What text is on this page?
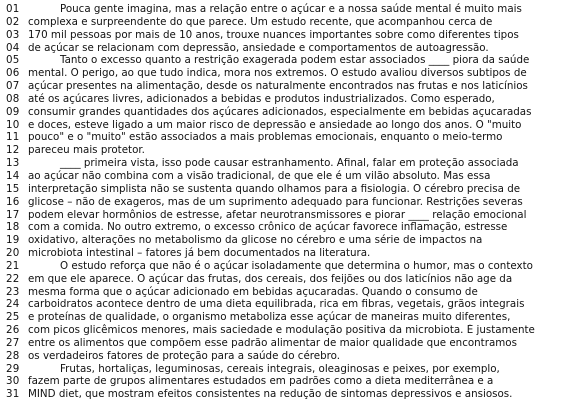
01	Pouca gente imagina, mas a relação entre o açúcar e a nossa saúde mental é muito mais
02 complexa e surpreendente do que parece. Um estudo recente, que acompanhou cerca de
03 170 mil pessoas por mais de 10 anos, trouxe nuances importantes sobre como diferentes tipos
04 de açúcar se relacionam com depressão, ansiedade e comportamentos de autoagressão.
05	Tanto o excesso quanto a restrição exagerada podem estar associados ____ piora da saúde
06 mental. O perigo, ao que tudo indica, mora nos extremos. O estudo avaliou diversos subtipos de
07 açúcar presentes na alimentação, desde os naturalmente encontrados nas frutas e nos laticínios
08 até os açúcares livres, adicionados a bebidas e produtos industrializados. Como esperado,
09 consumir grandes quantidades dos açúcares adicionados, especialmente em bebidas açucaradas
10 e doces, esteve ligado a um maior risco de depressão e ansiedade ao longo dos anos. O "muito
11 pouco" e o "muito" estão associados a mais problemas emocionais, enquanto o meio-termo
12 pareceu mais protetor.
13	____ primeira vista, isso pode causar estranhamento. Afinal, falar em proteção associada
14 ao açúcar não combina com a visão tradicional, de que ele é um vilão absoluto. Mas essa
15 interpretação simplista não se sustenta quando olhamos para a fisiologia. O cérebro precisa de
16 glicose – não de exageros, mas de um suprimento adequado para funcionar. Restrições severas
17 podem elevar hormônios de estresse, afetar neurotransmissores e piorar ____ relação emocional
18 com a comida. No outro extremo, o excesso crônico de açúcar favorece inflamação, estresse
19 oxidativo, alterações no metabolismo da glicose no cérebro e uma série de impactos na
20 microbiota intestinal – fatores já bem documentados na literatura.
21	O estudo reforça que não é o açúcar isoladamente que determina o humor, mas o contexto
22 em que ele aparece. O açúcar das frutas, dos cereais, dos feijões ou dos laticínios não age da
23 mesma forma que o açúcar adicionado em bebidas açucaradas. Quando o consumo de
24 carboidratos acontece dentro de uma dieta equilibrada, rica em fibras, vegetais, grãos integrais
25 e proteínas de qualidade, o organismo metaboliza esse açúcar de maneiras muito diferentes,
26 com picos glicêmicos menores, mais saciedade e modulação positiva da microbiota. É justamente
27 entre os alimentos que compõem esse padrão alimentar de maior qualidade que encontramos
28 os verdadeiros fatores de proteção para a saúde do cérebro.
29	Frutas, hortaliças, leguminosas, cereais integrais, oleaginosas e peixes, por exemplo,
30 fazem parte de grupos alimentares estudados em padrões como a dieta mediterrânea e a
31 MIND diet, que mostram efeitos consistentes na redução de sintomas depressivos e ansiosos.
